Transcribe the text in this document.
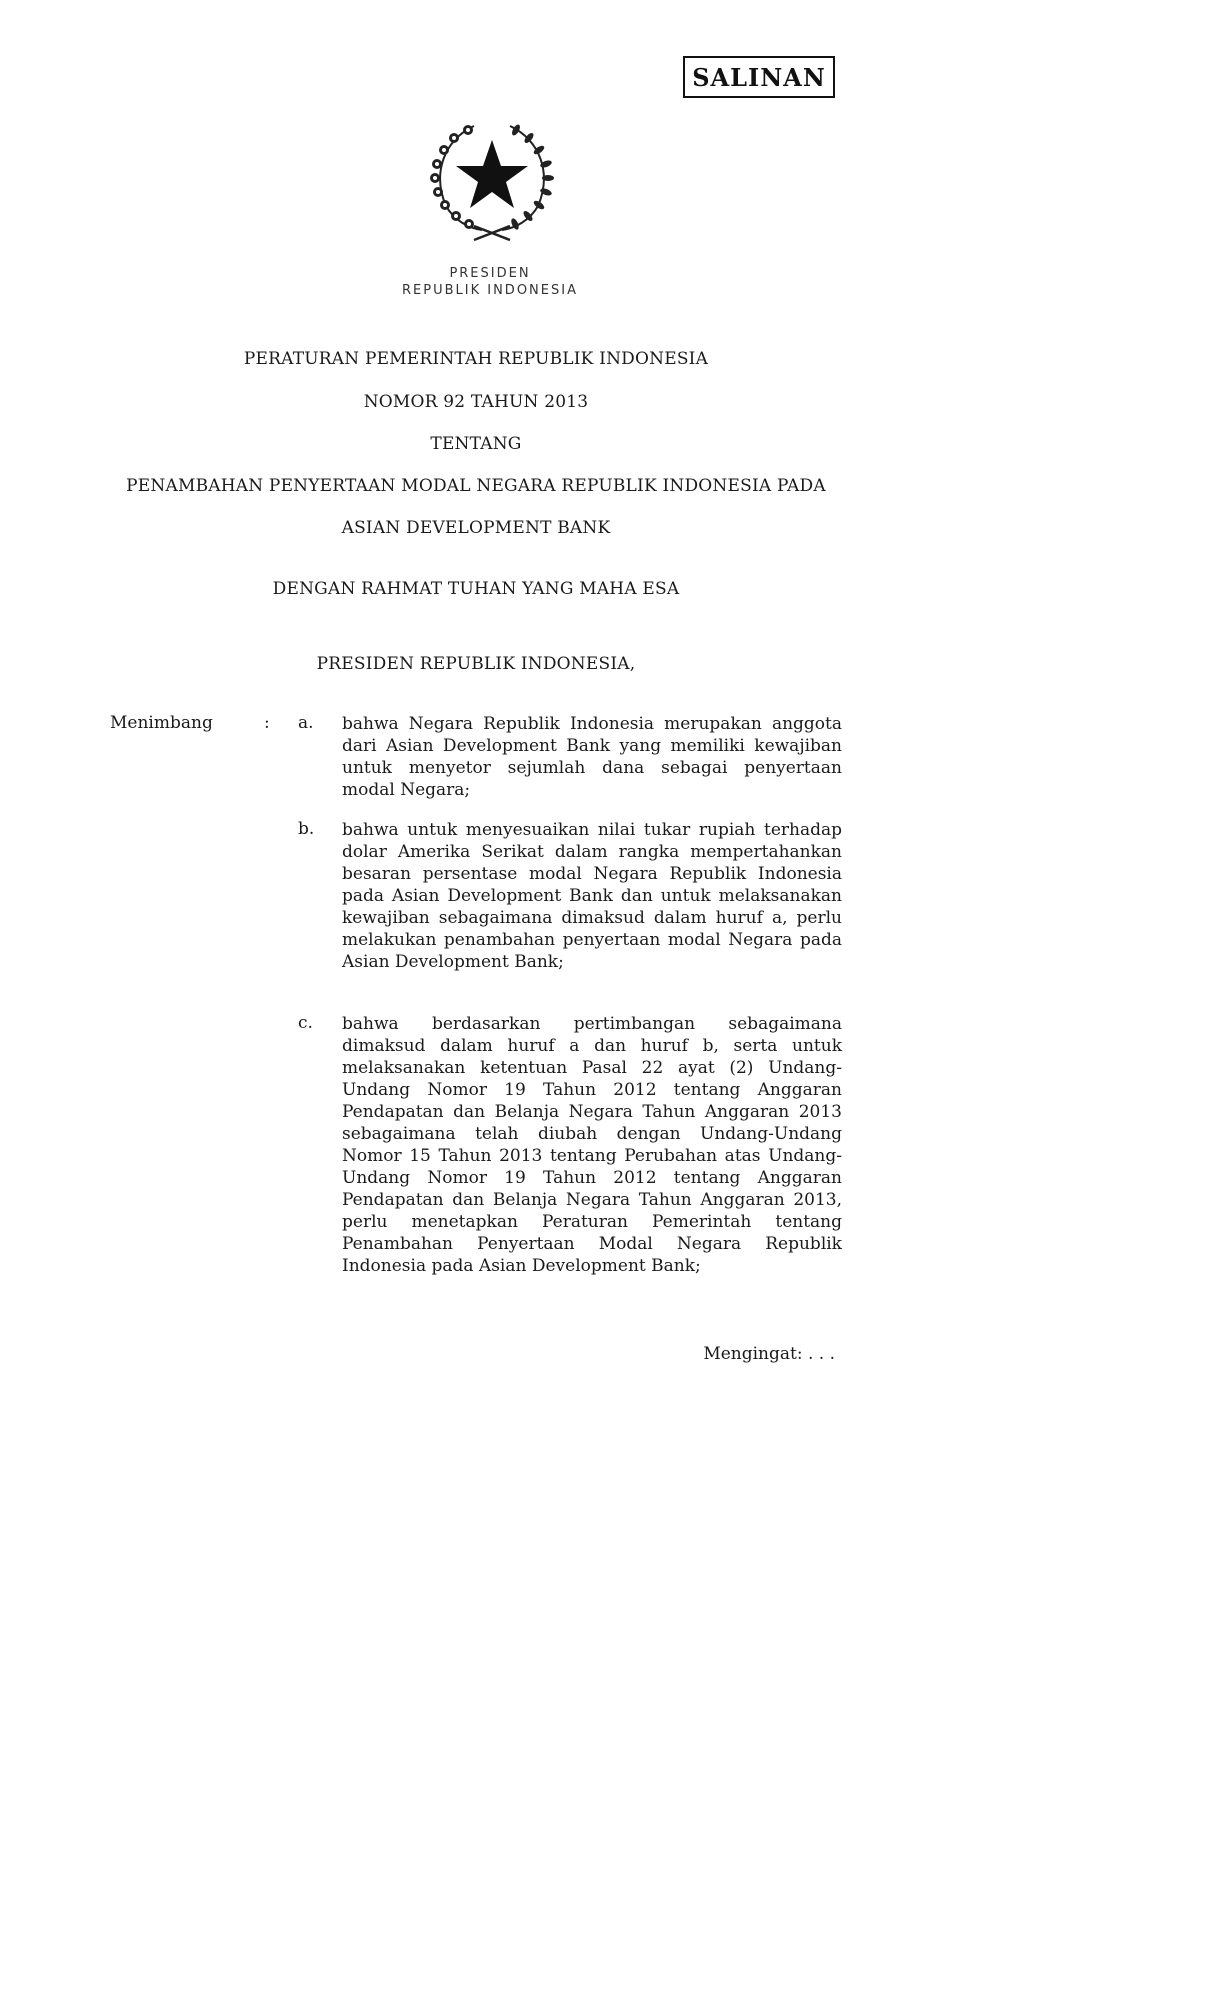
SALINAN
PRESIDEN
REPUBLIK INDONESIA
PERATURAN PEMERINTAH REPUBLIK INDONESIA
NOMOR 92 TAHUN 2013
TENTANG
PENAMBAHAN PENYERTAAN MODAL NEGARA REPUBLIK INDONESIA PADA
ASIAN DEVELOPMENT BANK
DENGAN RAHMAT TUHAN YANG MAHA ESA
PRESIDEN REPUBLIK INDONESIA,
Menimbang	: a. bahwa Negara Republik Indonesia merupakan anggota dari Asian Development Bank yang memiliki kewajiban untuk menyetor sejumlah dana sebagai penyertaan modal Negara;
b. bahwa untuk menyesuaikan nilai tukar rupiah terhadap dolar Amerika Serikat dalam rangka mempertahankan besaran persentase modal Negara Republik Indonesia pada Asian Development Bank dan untuk melaksanakan kewajiban sebagaimana dimaksud dalam huruf a, perlu melakukan penambahan penyertaan modal Negara pada Asian Development Bank;
c. bahwa berdasarkan pertimbangan sebagaimana dimaksud dalam huruf a dan huruf b, serta untuk melaksanakan ketentuan Pasal 22 ayat (2) Undang-Undang Nomor 19 Tahun 2012 tentang Anggaran Pendapatan dan Belanja Negara Tahun Anggaran 2013 sebagaimana telah diubah dengan Undang-Undang Nomor 15 Tahun 2013 tentang Perubahan atas Undang-Undang Nomor 19 Tahun 2012 tentang Anggaran Pendapatan dan Belanja Negara Tahun Anggaran 2013, perlu menetapkan Peraturan Pemerintah tentang Penambahan Penyertaan Modal Negara Republik Indonesia pada Asian Development Bank;
Mengingat: . . .
